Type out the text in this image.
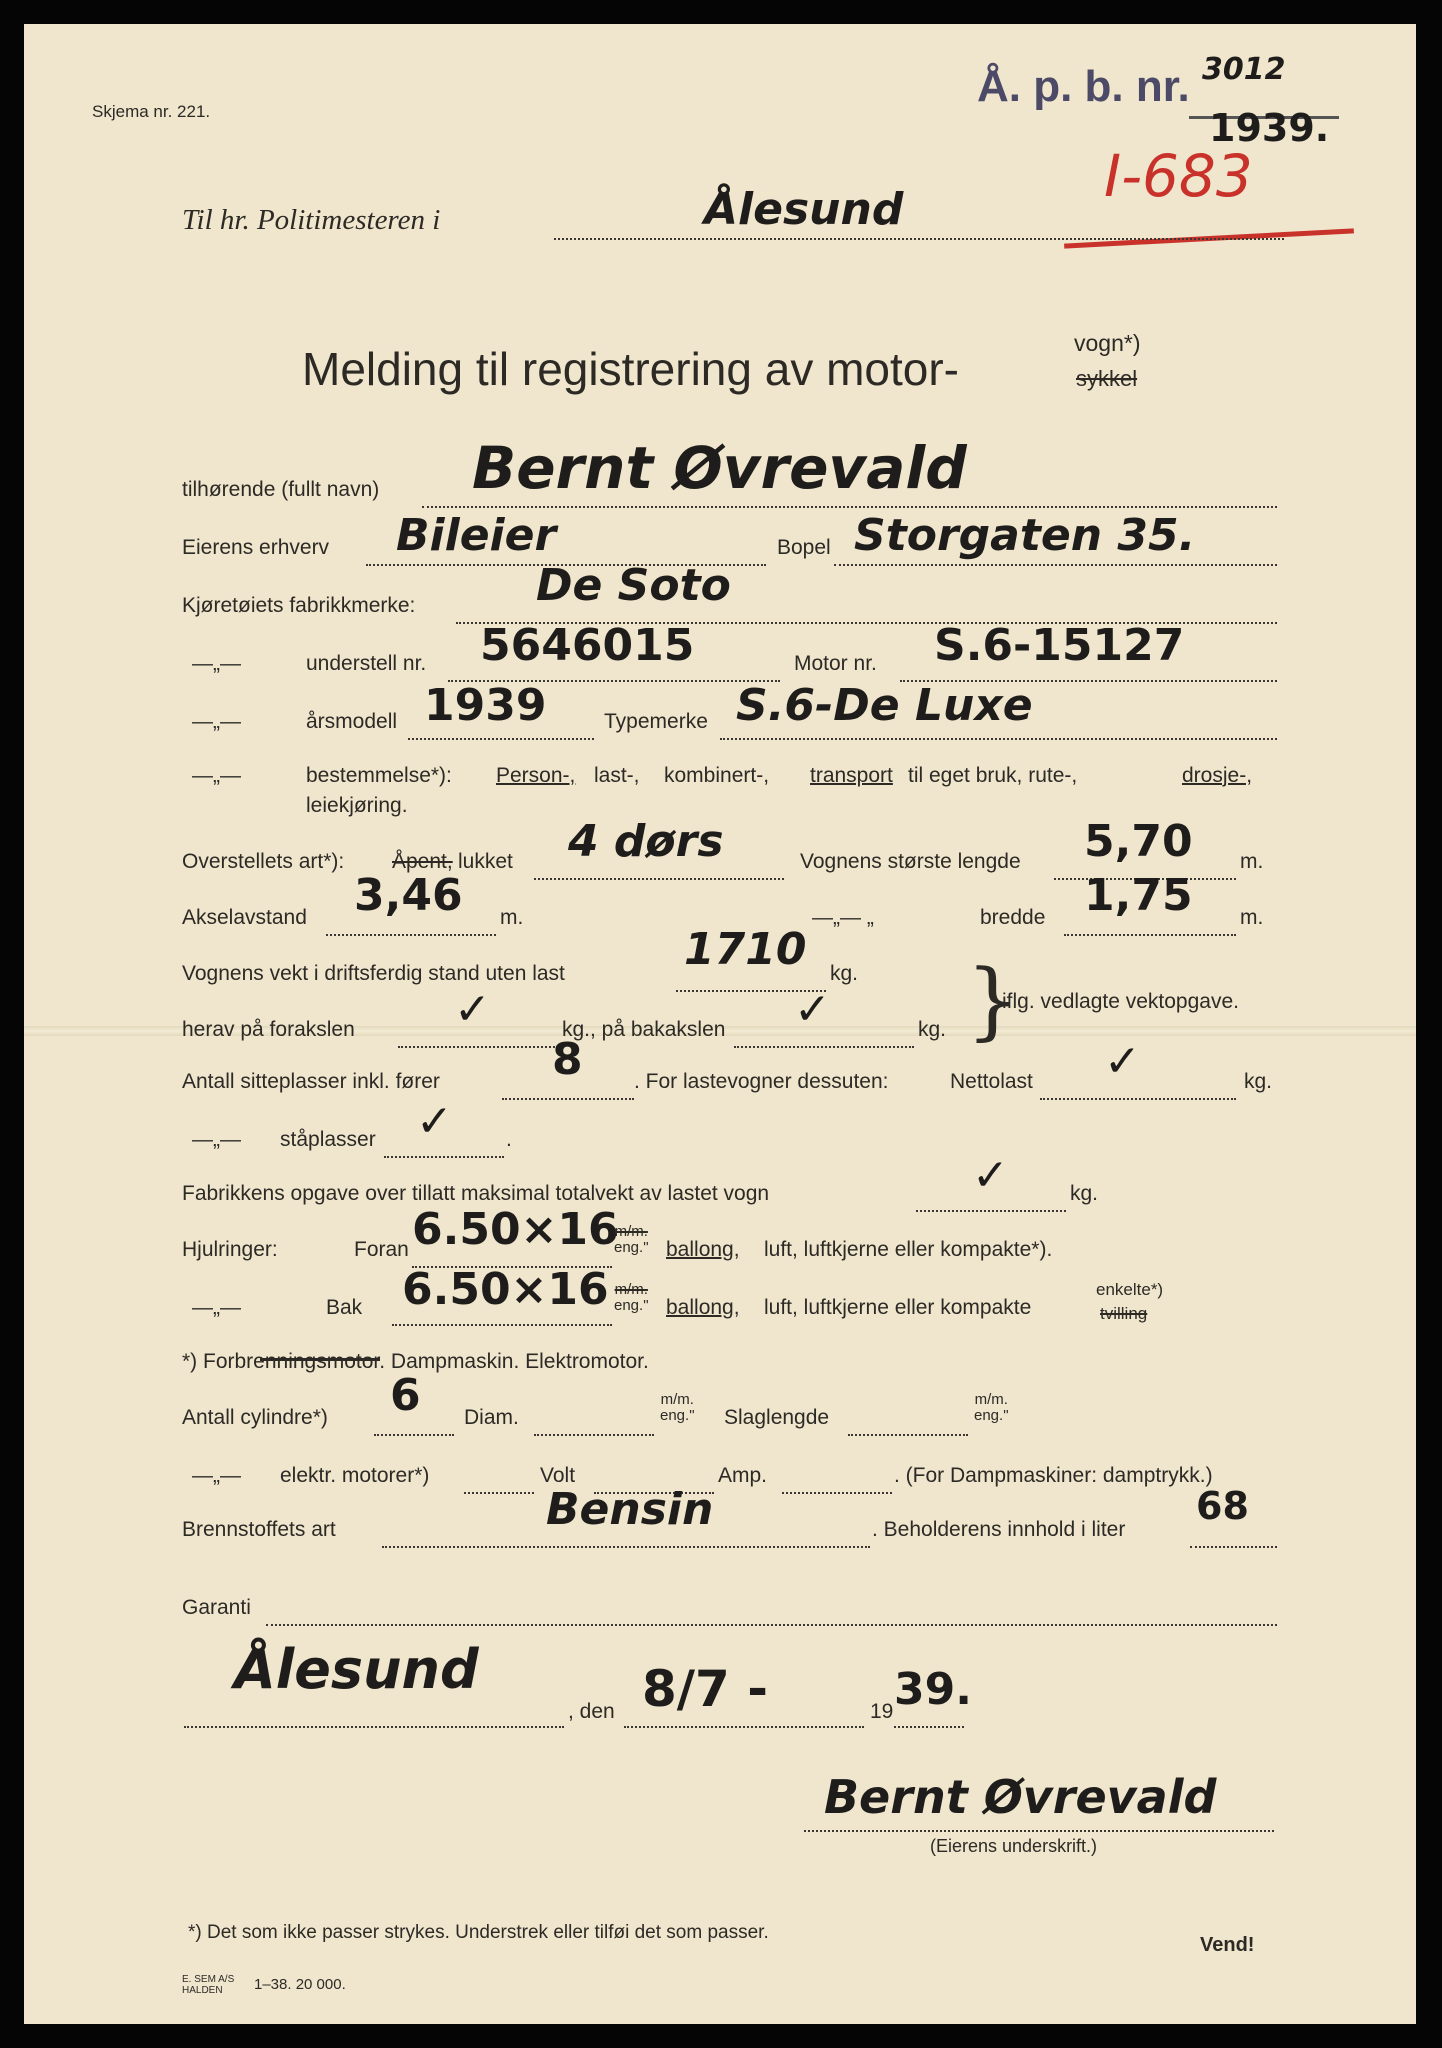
Skjema nr. 221.
Å. p. b. nr. 3012
1939.
I-683
Til hr. Politimesteren i	Ålesund
Melding til registrering av motor-	vogn*)
sykkel
tilhørende (fullt navn) Bernt Øvrevald
Eierens erhverv Bileier	Bopel Storgaten 35.
Kjøretøiets fabrikkmerke:	De Soto
—„—	understell nr. 5646015	Motor nr. S.6-15127
—„—	årsmodell 1939	Typemerke S.6-De Luxe
—„—	bestemmelse*): Person-, last-, kombinert-, transport til eget bruk, rute-,	drosje-,
leiekjøring.
Overstellets art*): Åpent, lukket 4 dørs	Vognens største lengde 5,70 m.
Akselavstand 3,46 m.	—„— „	bredde 1,75 m.
Vognens vekt i driftsferdig stand uten last	1710 kg.
herav på forakslen ✓	kg., på bakakslen ✓	kg. }
iflg. vedlagte vektopgave.
Antall sitteplasser inkl. fører	8 . For lastevogner dessuten:	Nettolast ✓	kg.
—„— ståplasser ✓	.
Fabrikkens opgave over tillatt maksimal totalvekt av lastet vogn	✓	kg.
Hjulringer:	Foran 6.50×16
m/m.
eng." ballong, luft, luftkjerne eller kompakte*).
—„—	Bak 6.50×16 m/m.
eng." ballong, luft, luftkjerne eller kompakte
enkelte*)
tvilling
*) Forbrenningsmotor. Dampmaskin. Elektromotor.
Antall cylindre*) 6 Diam.
m/m.
eng." Slaglengde
m/m.
eng."
—„— elektr. motorer*)	Volt	Amp.	. (For Dampmaskiner: damptrykk.)
Brennstoffets art	Bensin	. Beholderens innhold i liter
68
Garanti
Ålesund
, den 8/7 -	19 39.
Bernt Øvrevald
(Eierens underskrift.)
*) Det som ikke passer strykes. Understrek eller tilføi det som passer.
Vend!
E. SEM A/S HALDEN	1–38. 20 000.
